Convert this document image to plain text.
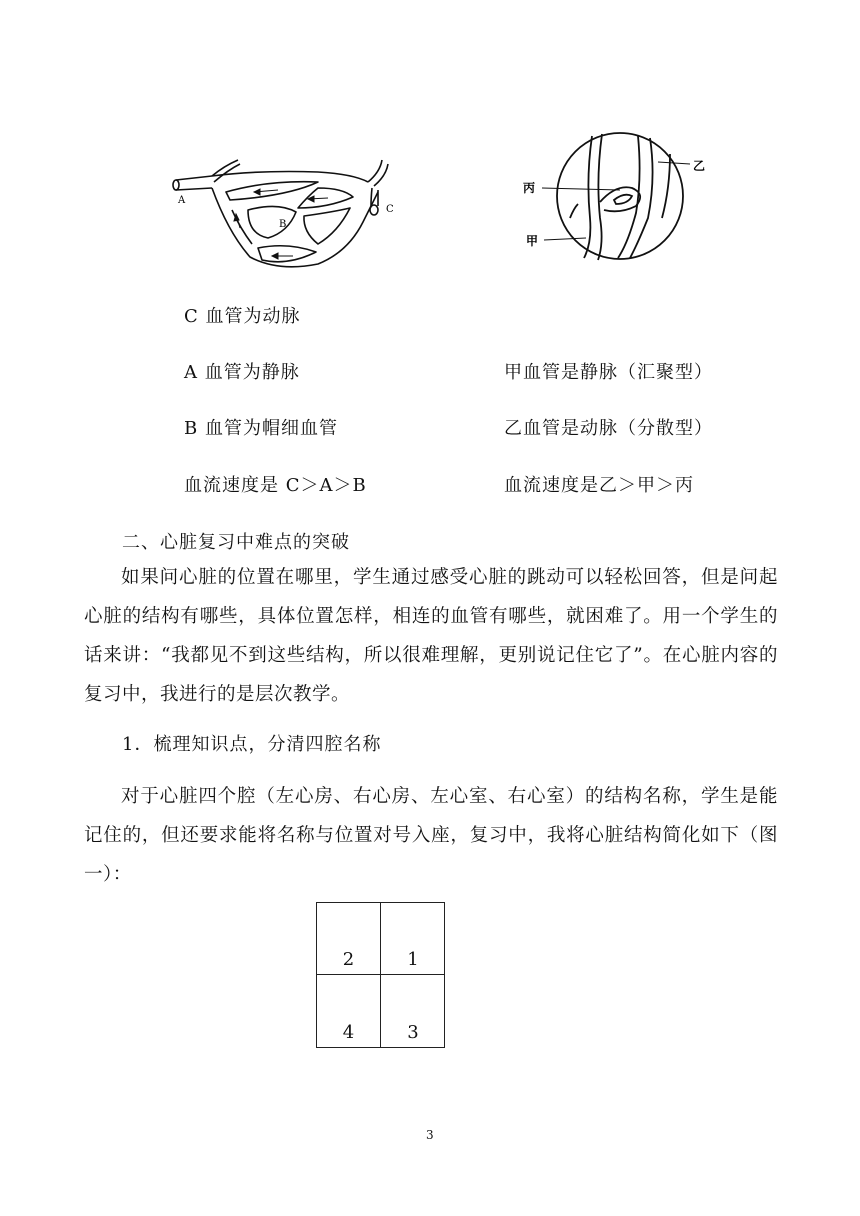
A
B
C
乙
丙
甲
C 血管为动脉
A 血管为静脉
B 血管为帽细血管
血流速度是 C＞A＞B
甲血管是静脉（汇聚型）
乙血管是动脉（分散型）
血流速度是乙＞甲＞丙
二、心脏复习中难点的突破
如果问心脏的位置在哪里，学生通过感受心脏的跳动可以轻松回答，但是问起心脏的结构有哪些，具体位置怎样，相连的血管有哪些，就困难了。用一个学生的话来讲：“我都见不到这些结构，所以很难理解，更别说记住它了”。在心脏内容的复习中，我进行的是层次教学。
1．梳理知识点，分清四腔名称
对于心脏四个腔（左心房、右心房、左心室、右心室）的结构名称，学生是能记住的，但还要求能将名称与位置对号入座，复习中，我将心脏结构简化如下（图一）：
2	1
4	3
3
